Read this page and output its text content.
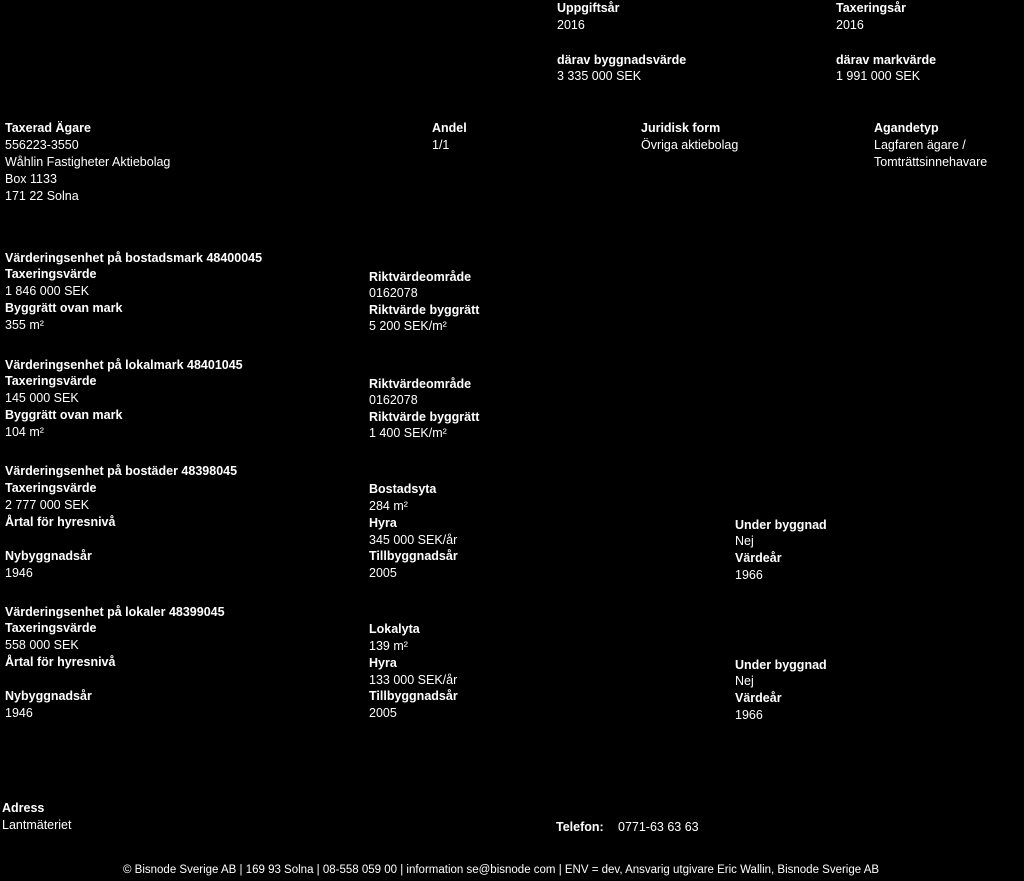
Uppgiftsår
2016
Taxeringsår
2016
därav byggnadsvärde
3 335 000 SEK
därav markvärde
1 991 000 SEK
Taxerad Ägare
556223-3550
Wåhlin Fastigheter Aktiebolag
Box 1133
171 22 Solna
Andel
1/1
Juridisk form
Övriga aktiebolag
Agandetyp
Lagfaren ägare /
Tomträttsinnehavare
Värderingsenhet på bostadsmark 48400045
Taxeringsvärde
1 846 000 SEK
Byggrätt ovan mark
355 m²
Riktvärdeområde
0162078
Riktvärde byggrätt
5 200 SEK/m²
Värderingsenhet på lokalmark 48401045
Taxeringsvärde
145 000 SEK
Byggrätt ovan mark
104 m²
Riktvärdeområde
0162078
Riktvärde byggrätt
1 400 SEK/m²
Värderingsenhet på bostäder 48398045
Taxeringsvärde
2 777 000 SEK
Årtal för hyresnivå
Nybyggnadsår
1946
Bostadsyta
284 m²
Hyra
345 000 SEK/år
Tillbyggnadsår
2005
Under byggnad
Nej
Värdeår
1966
Värderingsenhet på lokaler 48399045
Taxeringsvärde
558 000 SEK
Årtal för hyresnivå
Nybyggnadsår
1946
Lokalyta
139 m²
Hyra
133 000 SEK/år
Tillbyggnadsår
2005
Under byggnad
Nej
Värdeår
1966
Adress
Lantmäteriet	Telefon: 0771-63 63 63
© Bisnode Sverige AB | 169 93 Solna | 08-558 059 00 | information se@bisnode com | ENV = dev, Ansvarig utgivare Eric Wallin, Bisnode Sverige AB
